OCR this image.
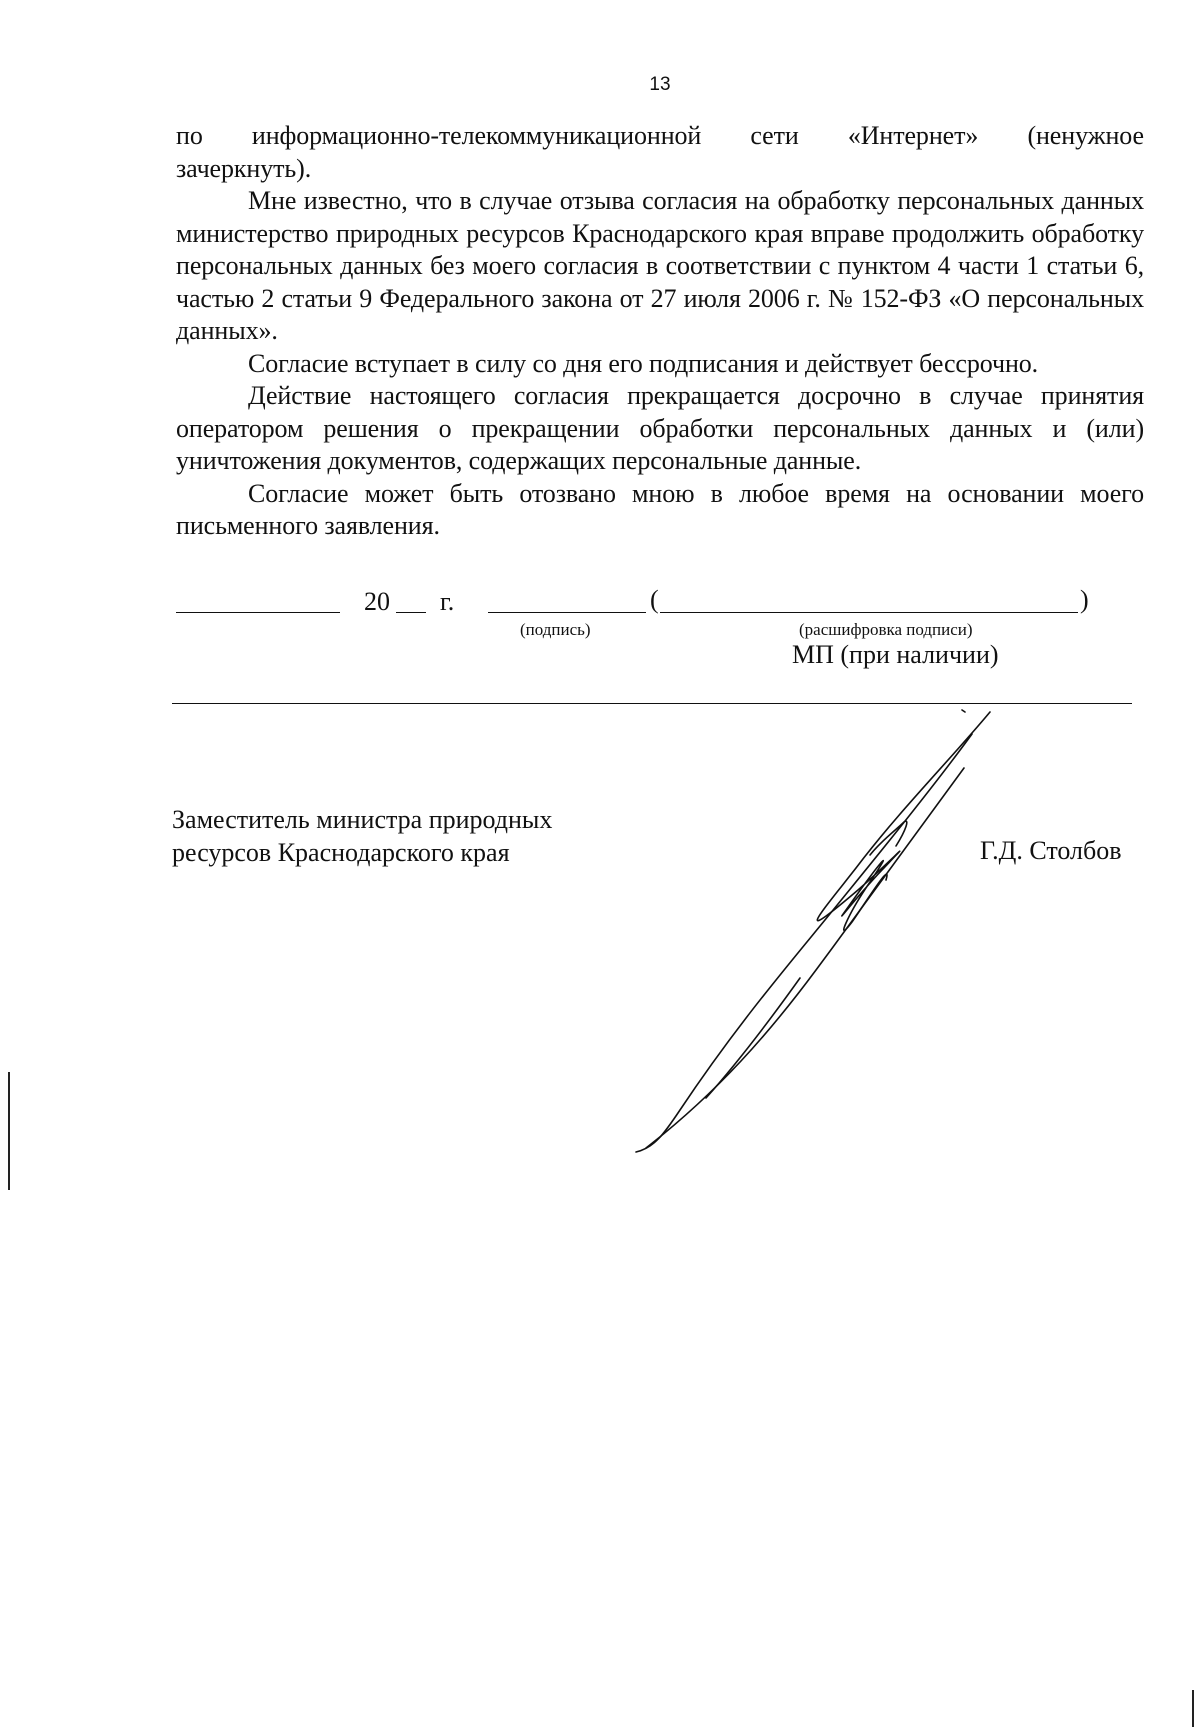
13
по информационно-телекоммуникационной сети «Интернет» (ненужное

зачеркнуть).

Мне известно, что в случае отзыва согласия на обработку персональных данных министерство природных ресурсов Краснодарского края вправе продолжить обработку персональных данных без моего согласия в соответствии с пунктом 4 части 1 статьи 6, частью 2 статьи 9 Федерального закона от 27 июля 2006 г. № 152-ФЗ «О персональных данных».

Согласие вступает в силу со дня его подписания и действует бессрочно.

Действие настоящего согласия прекращается досрочно в случае принятия оператором решения о прекращении обработки персональных данных и (или) уничтожения документов, содержащих персональные данные.

Согласие может быть отозвано мною в любое время на основании моего письменного заявления.

20 г.	(	)
(подпись)	(расшифровка подписи)
МП (при наличии)
Заместитель министра природных
ресурсов Краснодарского края	Г.Д. Столбов
